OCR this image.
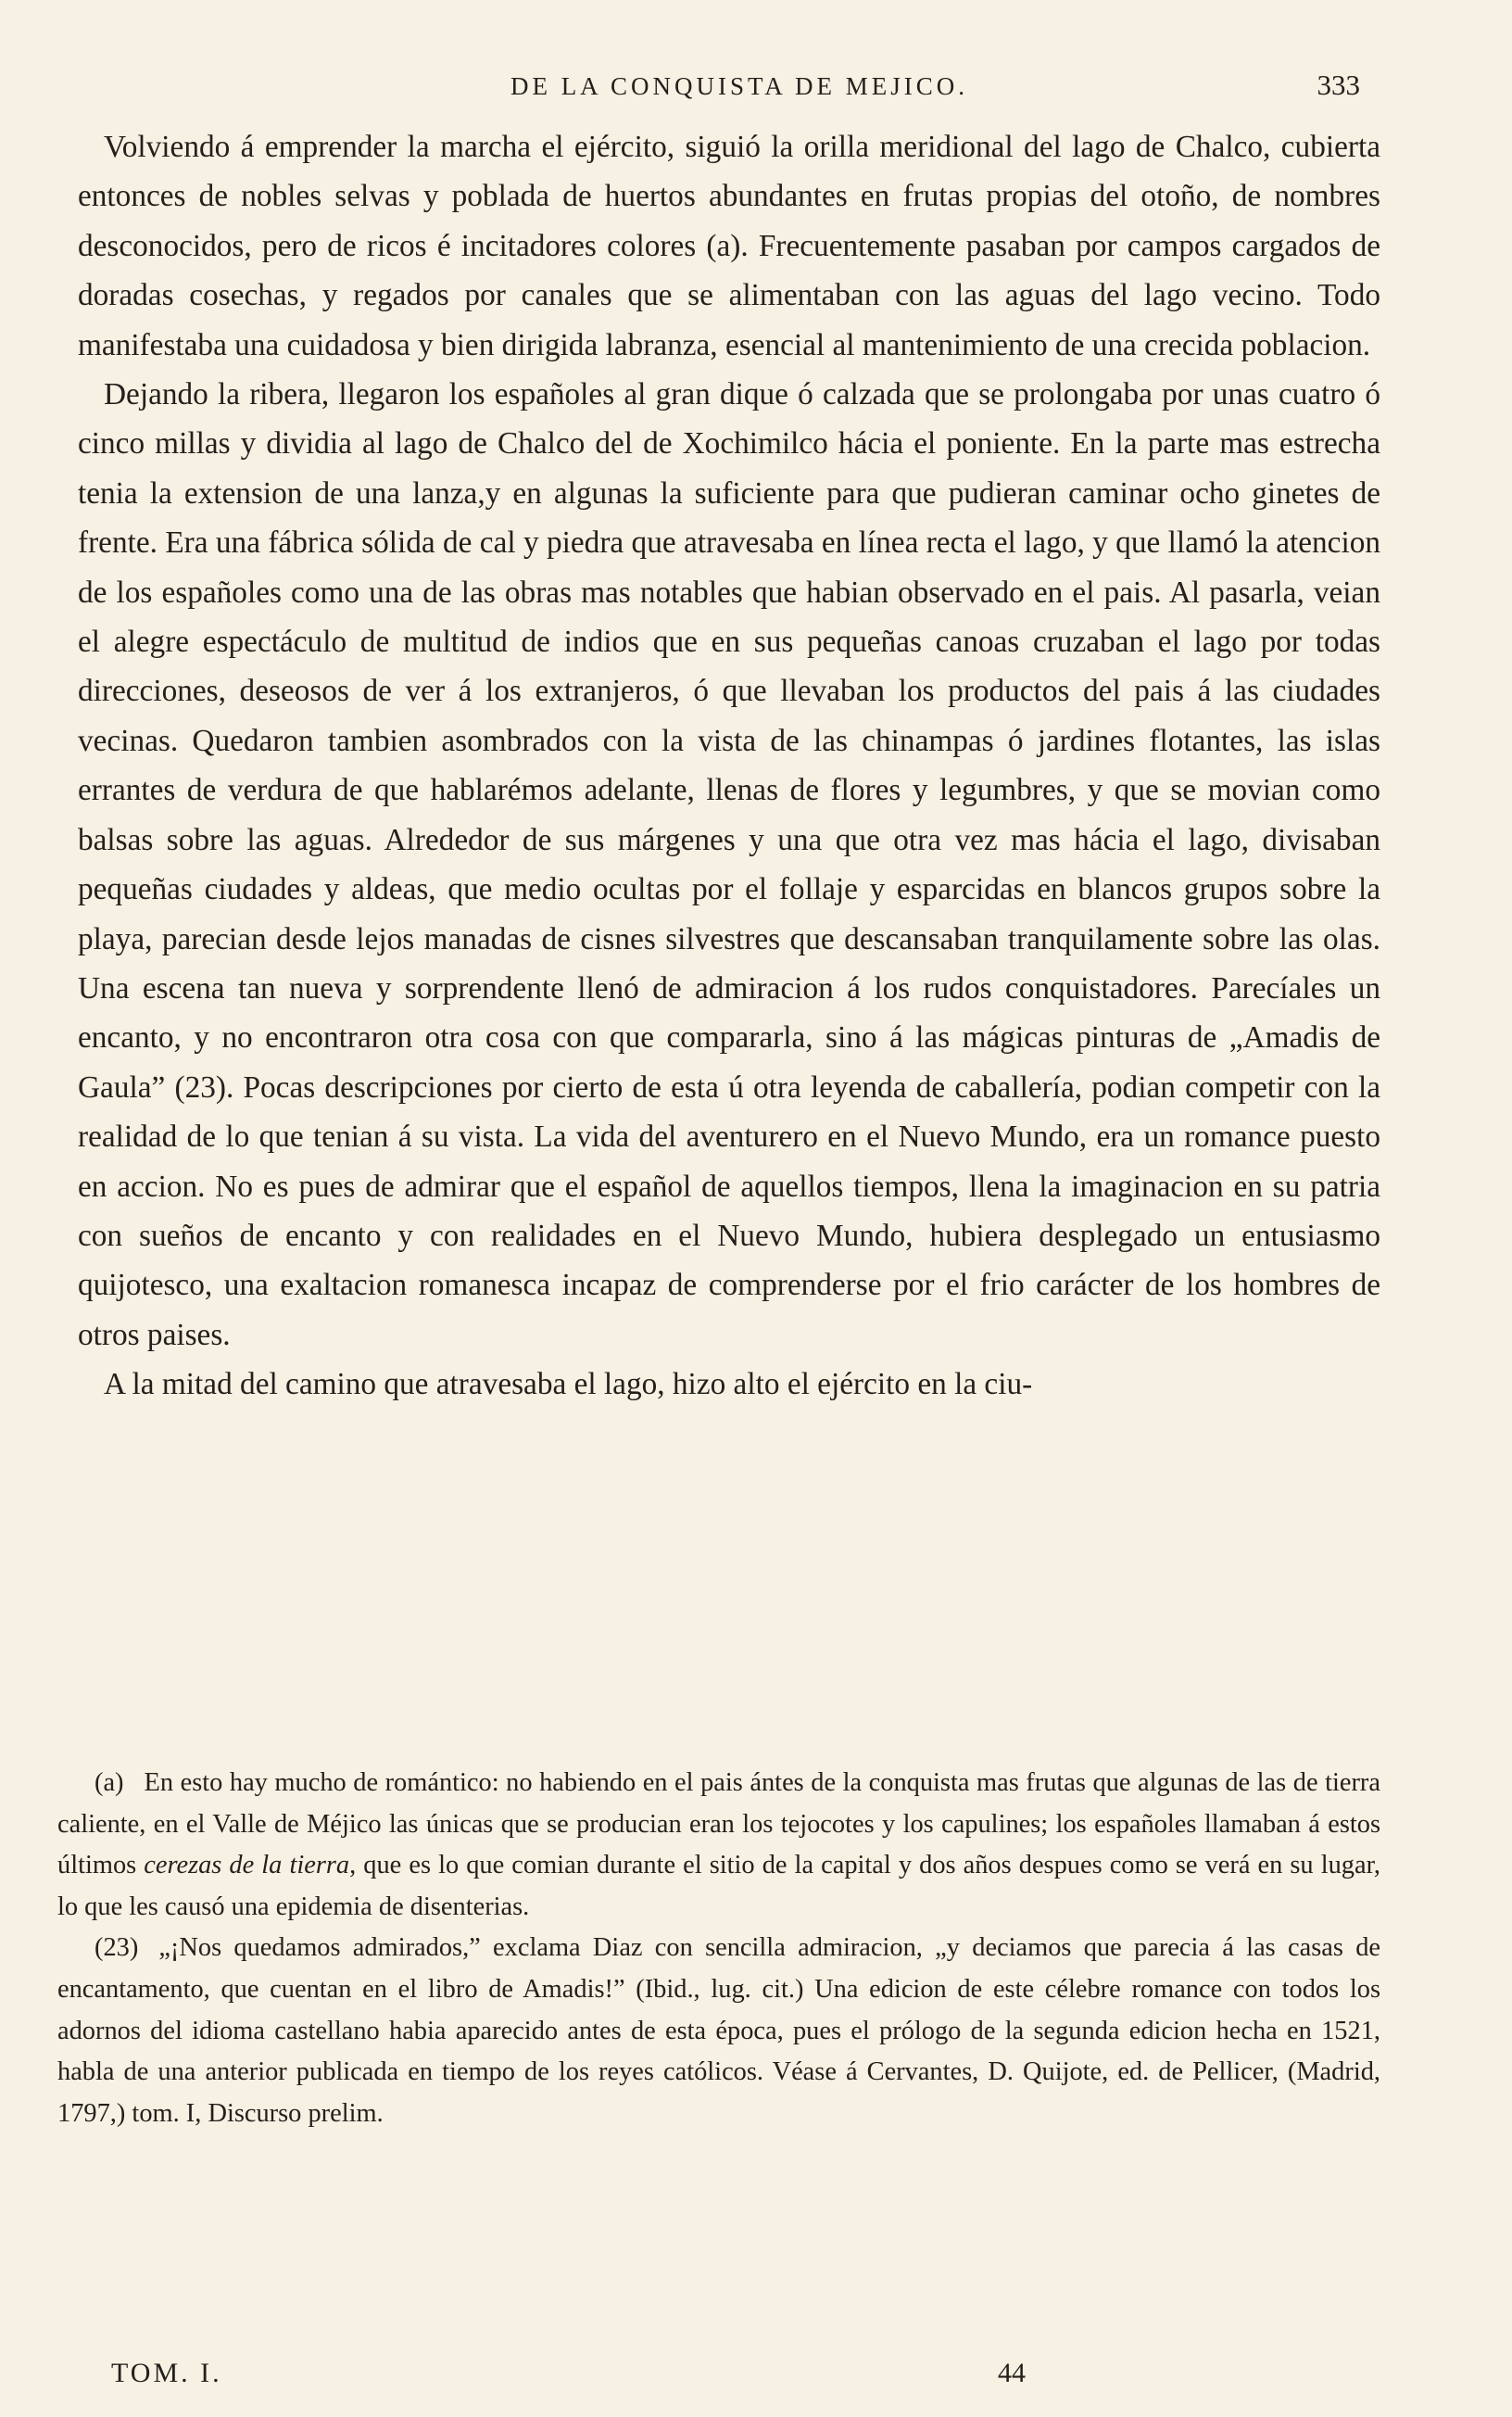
DE LA CONQUISTA DE MEJICO.	333

Volviendo á emprender la marcha el ejército, siguió la orilla meridional del lago de Chalco, cubierta entonces de nobles selvas y poblada de huertos abundantes en frutas propias del otoño, de nombres desconocidos, pero de ricos é incitadores colores (a). Frecuentemente pasaban por campos cargados de doradas cosechas, y regados por canales que se alimentaban con las aguas del lago vecino. Todo manifestaba una cuidadosa y bien dirigida labranza, esencial al mantenimiento de una crecida poblacion.

Dejando la ribera, llegaron los españoles al gran dique ó calzada que se prolongaba por unas cuatro ó cinco millas y dividia al lago de Chalco del de Xochimilco hácia el poniente. En la parte mas estrecha tenia la extension de una lanza,y en algunas la suficiente para que pudieran caminar ocho ginetes de frente. Era una fábrica sólida de cal y piedra que atravesaba en línea recta el lago, y que llamó la atencion de los españoles como una de las obras mas notables que habian observado en el pais. Al pasarla, veian el alegre espectáculo de multitud de indios que en sus pequeñas canoas cruzaban el lago por todas direcciones, deseosos de ver á los extranjeros, ó que llevaban los productos del pais á las ciudades vecinas. Quedaron tambien asombrados con la vista de las chinampas ó jardines flotantes, las islas errantes de verdura de que hablarémos adelante, llenas de flores y legumbres, y que se movian como balsas sobre las aguas. Alrededor de sus márgenes y una que otra vez mas hácia el lago, divisaban pequeñas ciudades y aldeas, que medio ocultas por el follaje y esparcidas en blancos grupos sobre la playa, parecian desde lejos manadas de cisnes silvestres que descansaban tranquilamente sobre las olas. Una escena tan nueva y sorprendente llenó de admiracion á los rudos conquistadores. Parecíales un encanto, y no encontraron otra cosa con que compararla, sino á las mágicas pinturas de „Amadis de Gaula” (23). Pocas descripciones por cierto de esta ú otra leyenda de caballería, podian competir con la realidad de lo que tenian á su vista. La vida del aventurero en el Nuevo Mundo, era un romance puesto en accion. No es pues de admirar que el español de aquellos tiempos, llena la imaginacion en su patria con sueños de encanto y con realidades en el Nuevo Mundo, hubiera desplegado un entusiasmo quijotesco, una exaltacion romanesca incapaz de comprenderse por el frio carácter de los hombres de otros paises.

A la mitad del camino que atravesaba el lago, hizo alto el ejército en la ciu-

(a) En esto hay mucho de romántico: no habiendo en el pais ántes de la conquista mas frutas que algunas de las de tierra caliente, en el Valle de Méjico las únicas que se producian eran los tejocotes y los capulines; los españoles llamaban á estos últimos cerezas de la tierra, que es lo que comian durante el sitio de la capital y dos años despues como se verá en su lugar, lo que les causó una epidemia de disenterias.

(23) „¡Nos quedamos admirados,” exclama Diaz con sencilla admiracion, „y deciamos que parecia á las casas de encantamento, que cuentan en el libro de Amadis!” (Ibid., lug. cit.) Una edicion de este célebre romance con todos los adornos del idioma castellano habia aparecido antes de esta época, pues el prólogo de la segunda edicion hecha en 1521, habla de una anterior publicada en tiempo de los reyes católicos. Véase á Cervantes, D. Quijote, ed. de Pellicer, (Madrid, 1797,) tom. I, Discurso prelim.

TOM. I.	44
